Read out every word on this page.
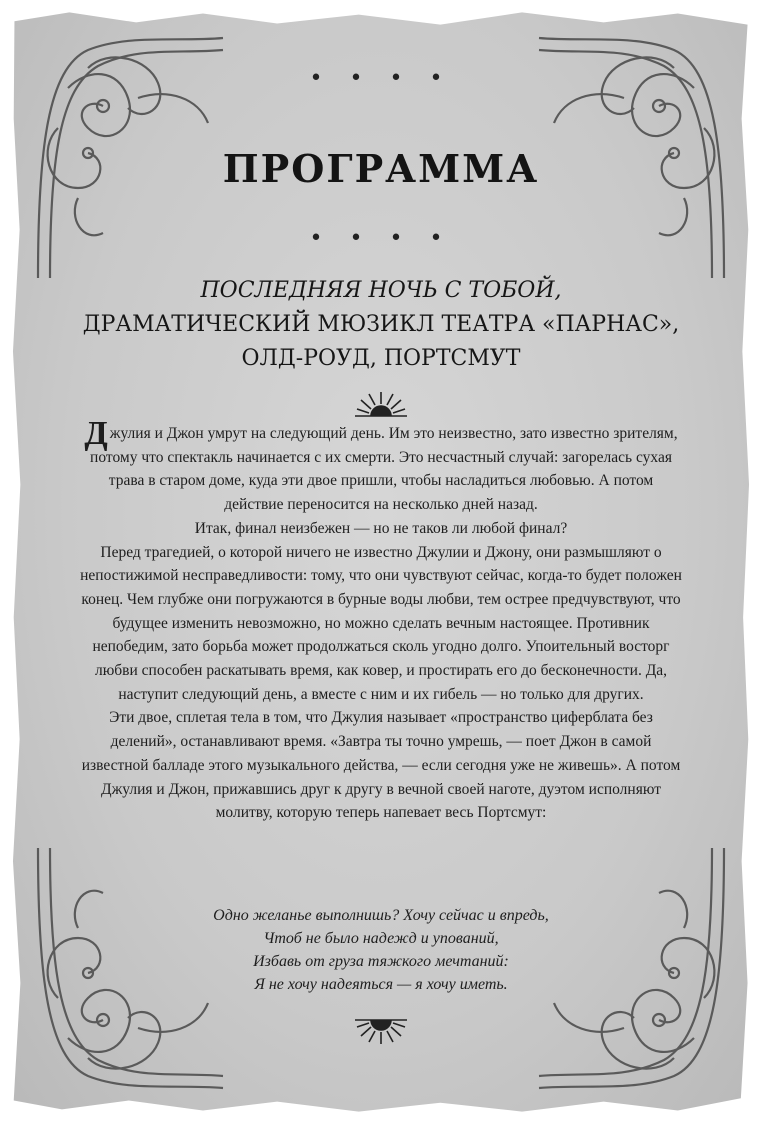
• • • •
ПРОГРАММА
• • • •
ПОСЛЕДНЯЯ НОЧЬ С ТОБОЙ,
ДРАМАТИЧЕСКИЙ МЮЗИКЛ ТЕАТРА «ПАРНАС»,
ОЛД-РОУД, ПОРТСМУТ

Джулия и Джон умрут на следующий день. Им это неизвестно, зато известно зрителям, потому что спектакль начинается с их смерти. Это несчастный случай: загорелась сухая трава в старом доме, куда эти двое пришли, чтобы насладиться любовью. А потом действие переносится на несколько дней назад.

Итак, финал неизбежен — но не таков ли любой финал?

Перед трагедией, о которой ничего не известно Джулии и Джону, они размышляют о непостижимой несправедливости: тому, что они чувствуют сейчас, когда-то будет положен конец. Чем глубже они погружаются в бурные воды любви, тем острее предчувствуют, что будущее изменить невозможно, но можно сделать вечным настоящее. Противник непобедим, зато борьба может продолжаться сколь угодно долго. Упоительный восторг любви способен раскатывать время, как ковер, и простирать его до бесконечности. Да, наступит следующий день, а вместе с ним и их гибель — но только для других.

Эти двое, сплетая тела в том, что Джулия называет «пространство циферблата без делений», останавливают время. «Завтра ты точно умрешь, — поет Джон в самой известной балладе этого музыкального действа, — если сегодня уже не живешь». А потом Джулия и Джон, прижавшись друг к другу в вечной своей наготе, дуэтом исполняют молитву, которую теперь напевает весь Портсмут:

Одно желанье выполнишь? Хочу сейчас и впредь,

Чтоб не было надежд и упований,

Избавь от груза тяжкого мечтаний:

Я не хочу надеяться — я хочу иметь.
